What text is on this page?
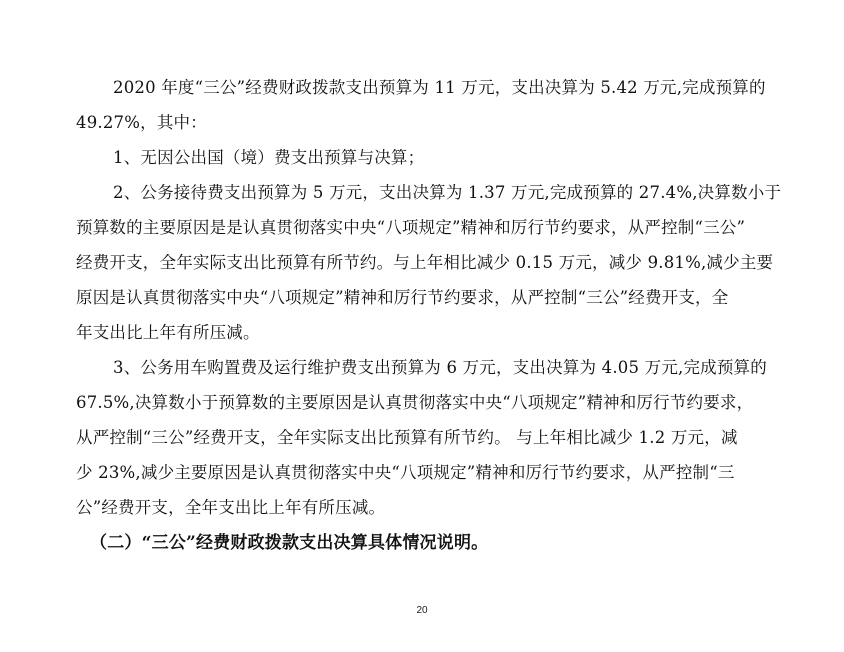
2020 年度“三公”经费财政拨款支出预算为 11 万元，支出决算为 5.42 万元,完成预算的
49.27%，其中：
1、无因公出国（境）费支出预算与决算；
2、公务接待费支出预算为 5 万元，支出决算为 1.37 万元,完成预算的 27.4%,决算数小于
预算数的主要原因是是认真贯彻落实中央“八项规定”精神和厉行节约要求，从严控制“三公”
经费开支，全年实际支出比预算有所节约。与上年相比减少 0.15 万元，减少 9.81%,减少主要
原因是认真贯彻落实中央“八项规定”精神和厉行节约要求，从严控制“三公”经费开支，全
年支出比上年有所压减。
3、公务用车购置费及运行维护费支出预算为 6 万元，支出决算为 4.05 万元,完成预算的
67.5%,决算数小于预算数的主要原因是认真贯彻落实中央“八项规定”精神和厉行节约要求，
从严控制“三公”经费开支，全年实际支出比预算有所节约。 与上年相比减少 1.2 万元，减
少 23%,减少主要原因是认真贯彻落实中央“八项规定”精神和厉行节约要求，从严控制“三
公”经费开支，全年支出比上年有所压减。
（二）“三公”经费财政拨款支出决算具体情况说明。
20
